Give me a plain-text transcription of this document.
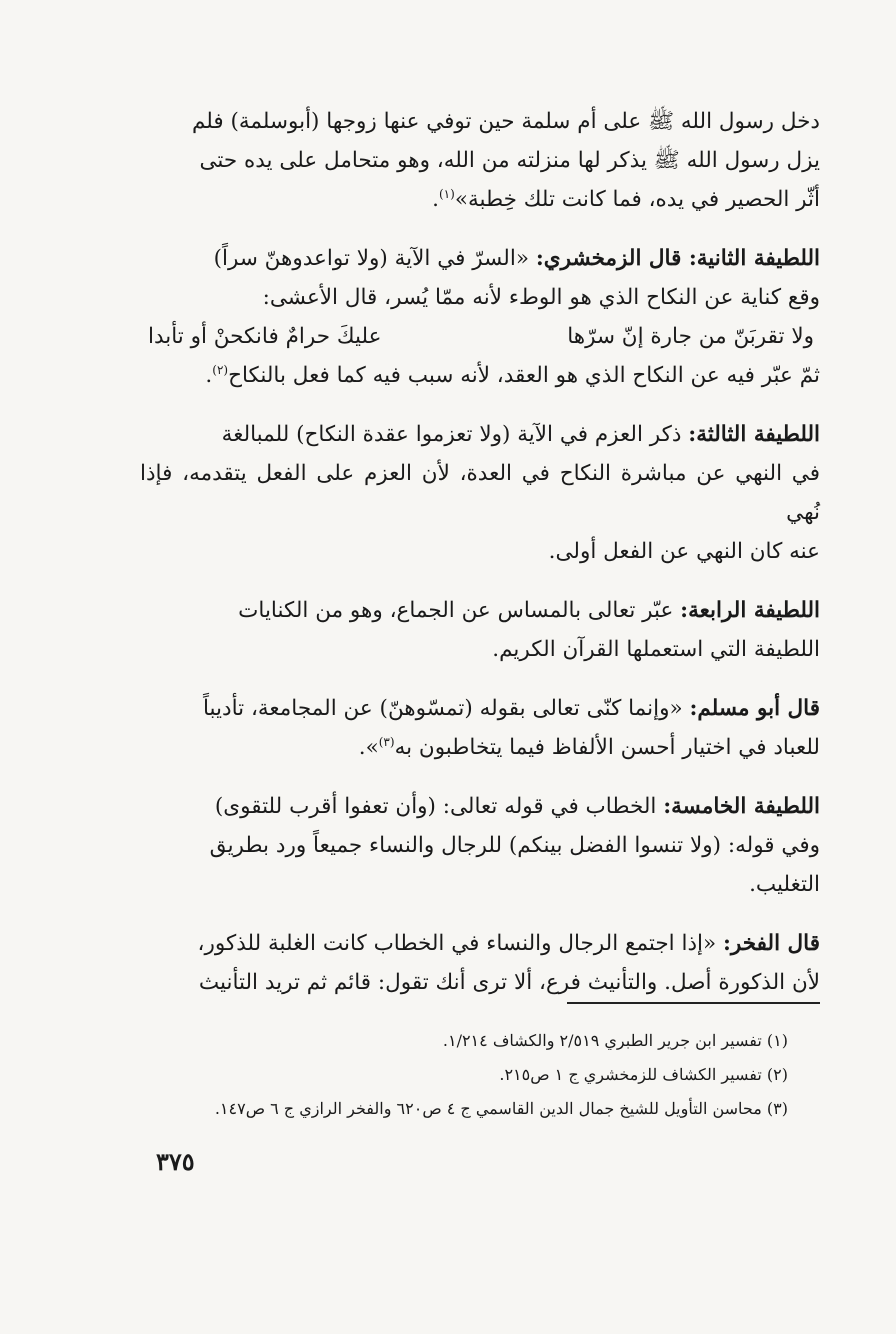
دخل رسول الله ﷺ على أم سلمة حين توفي عنها زوجها (أبوسلمة) فلم

يزل رسول الله ﷺ يذكر لها منزلته من الله، وهو متحامل على يده حتى

أثّر الحصير في يده، فما كانت تلك خِطبة»$^{(١)}$.

اللطيفة الثانية: قال الزمخشري: «السرّ في الآية (ولا تواعدوهنّ سراً)

وقع كناية عن النكاح الذي هو الوطء لأنه ممّا يُسر، قال الأعشى:

ولا تقربَنّ من جارة إنّ سرّها
عليكَ حرامٌ فانكحنْ أو تأبدا

ثمّ عبّر فيه عن النكاح الذي هو العقد، لأنه سبب فيه كما فعل بالنكاح$^{(٢)}$.

اللطيفة الثالثة: ذكر العزم في الآية (ولا تعزموا عقدة النكاح) للمبالغة

في النهي عن مباشرة النكاح في العدة، لأن العزم على الفعل يتقدمه، فإذا نُهي

عنه كان النهي عن الفعل أولى.

اللطيفة الرابعة: عبّر تعالى بالمساس عن الجماع، وهو من الكنايات

اللطيفة التي استعملها القرآن الكريم.

قال أبو مسلم: «وإنما كنّى تعالى بقوله (تمسّوهنّ) عن المجامعة، تأديباً

للعباد في اختيار أحسن الألفاظ فيما يتخاطبون به$^{(٣)}$».

اللطيفة الخامسة: الخطاب في قوله تعالى: (وأن تعفوا أقرب للتقوى)

وفي قوله: (ولا تنسوا الفضل بينكم) للرجال والنساء جميعاً ورد بطريق

التغليب.

قال الفخر: «إذا اجتمع الرجال والنساء في الخطاب كانت الغلبة للذكور،

لأن الذكورة أصل. والتأنيث فرع، ألا ترى أنك تقول: قائم ثم تريد التأنيث

(١) تفسير ابن جرير الطبري ٢/٥١٩ والكشاف ١/٢١٤.
(٢) تفسير الكشاف للزمخشري ج ١ ص٢١٥.
(٣) محاسن التأويل للشيخ جمال الدين القاسمي ج ٤ ص٦٢٠ والفخر الرازي ج ٦ ص١٤٧.
٣٧٥
